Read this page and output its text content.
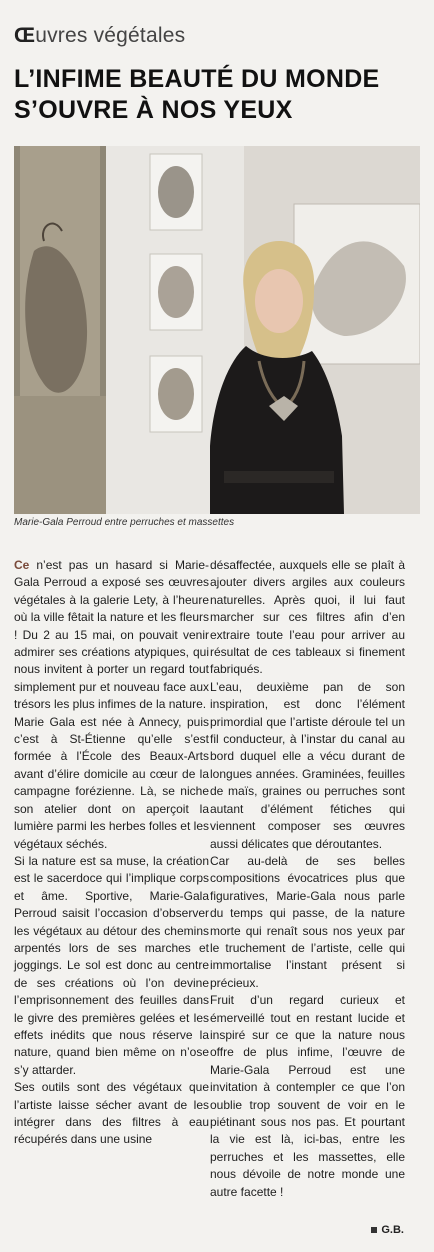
Œuvres végétales
L’INFIME BEAUTÉ DU MONDE
S’OUVRE À NOS YEUX
Marie-Gala Perroud entre perruches et massettes

Ce n’est pas un hasard si Marie-Gala Perroud a exposé ses œuvres végétales à la galerie Lety, à l’heure où la ville fêtait la nature et les fleurs ! Du 2 au 15 mai, on pouvait venir admirer ses créations atypiques, qui nous invitent à porter un regard tout simplement pur et nouveau face aux trésors les plus infimes de la nature.

Marie Gala est née à Annecy, puis c’est à St-Étienne qu’elle s’est formée à l’École des Beaux-Arts avant d’élire domicile au cœur de la campagne forézienne. Là, se niche son atelier dont on aperçoit la lumière parmi les herbes folles et les végétaux séchés.

Si la nature est sa muse, la création est le sacerdoce qui l’implique corps et âme. Sportive, Marie-Gala Perroud saisit l’occasion d’observer les végétaux au détour des chemins arpentés lors de ses marches et joggings. Le sol est donc au centre de ses créations où l’on devine l’emprisonnement des feuilles dans le givre des premières gelées et les effets inédits que nous réserve la nature, quand bien même on n’ose s’y attarder.

Ses outils sont des végétaux que l’artiste laisse sécher avant de les intégrer dans des filtres à eau récupérés dans une usine

désaffectée, auxquels elle se plaît à ajouter divers argiles aux couleurs naturelles. Après quoi, il lui faut marcher sur ces filtres afin d’en extraire toute l’eau pour arriver au résultat de ces tableaux si finement fabriqués.

L’eau, deuxième pan de son inspiration, est donc l’élément primordial que l’artiste déroule tel un fil conducteur, à l’instar du canal au bord duquel elle a vécu durant de longues années. Graminées, feuilles de maïs, graines ou perruches sont autant d’élément fétiches qui viennent composer ses œuvres aussi délicates que déroutantes.

Car au-delà de ses belles compositions évocatrices plus que figuratives, Marie-Gala nous parle du temps qui passe, de la nature morte qui renaît sous nos yeux par le truchement de l’artiste, celle qui immortalise l’instant présent si précieux.

Fruit d’un regard curieux et émerveillé tout en restant lucide et inspiré sur ce que la nature nous offre de plus infime, l’œuvre de Marie-Gala Perroud est une invitation à contempler ce que l’on oublie trop souvent de voir en le piétinant sous nos pas. Et pourtant la vie est là, ici-bas, entre les perruches et les massettes, elle nous dévoile de notre monde une autre facette !

G.B.
